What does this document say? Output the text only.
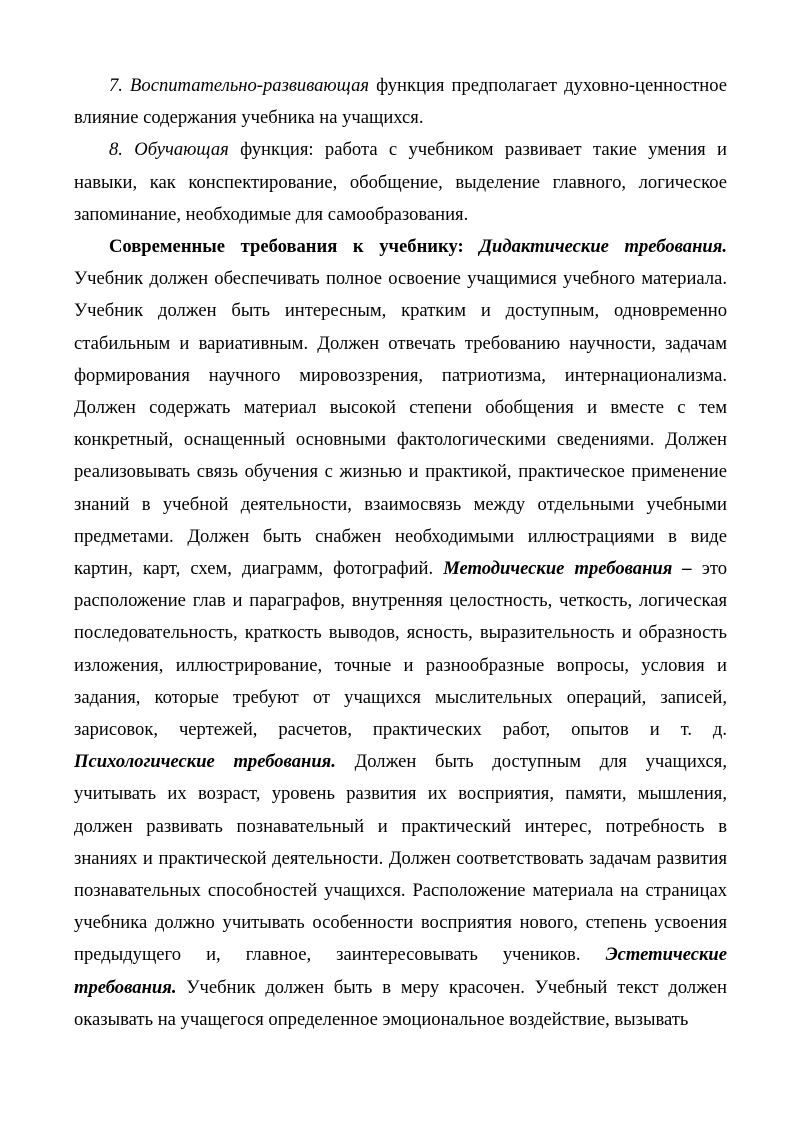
7. Воспитательно-развивающая функция предполагает духовно-ценностное влияние содержания учебника на учащихся.

8. Обучающая функция: работа с учебником развивает такие умения и навыки, как конспектирование, обобщение, выделение главного, логическое запоминание, необходимые для самообразования.

Современные требования к учебнику: Дидактические требования. Учебник должен обеспечивать полное освоение учащимися учебного материала. Учебник должен быть интересным, кратким и доступным, одновременно стабильным и вариативным. Должен отвечать требованию научности, задачам формирования научного мировоззрения, патриотизма, интернационализма. Должен содержать материал высокой степени обобщения и вместе с тем конкретный, оснащенный основными фактологическими сведениями. Должен реализовывать связь обучения с жизнью и практикой, практическое применение знаний в учебной деятельности, взаимосвязь между отдельными учебными предметами. Должен быть снабжен необходимыми иллюстрациями в виде картин, карт, схем, диаграмм, фотографий. Методические требования – это расположение глав и параграфов, внутренняя целостность, четкость, логическая последовательность, краткость выводов, ясность, выразительность и образность изложения, иллюстрирование, точные и разнообразные вопросы, условия и задания, которые требуют от учащихся мыслительных операций, записей, зарисовок, чертежей, расчетов, практических работ, опытов и т. д. Психологические требования. Должен быть доступным для учащихся, учитывать их возраст, уровень развития их восприятия, памяти, мышления, должен развивать познавательный и практический интерес, потребность в знаниях и практической деятельности. Должен соответствовать задачам развития познавательных способностей учащихся. Расположение материала на страницах учебника должно учитывать особенности восприятия нового, степень усвоения предыдущего и, главное, заинтересовывать учеников. Эстетические требования. Учебник должен быть в меру красочен. Учебный текст должен оказывать на учащегося определенное эмоциональное воздействие, вызывать
